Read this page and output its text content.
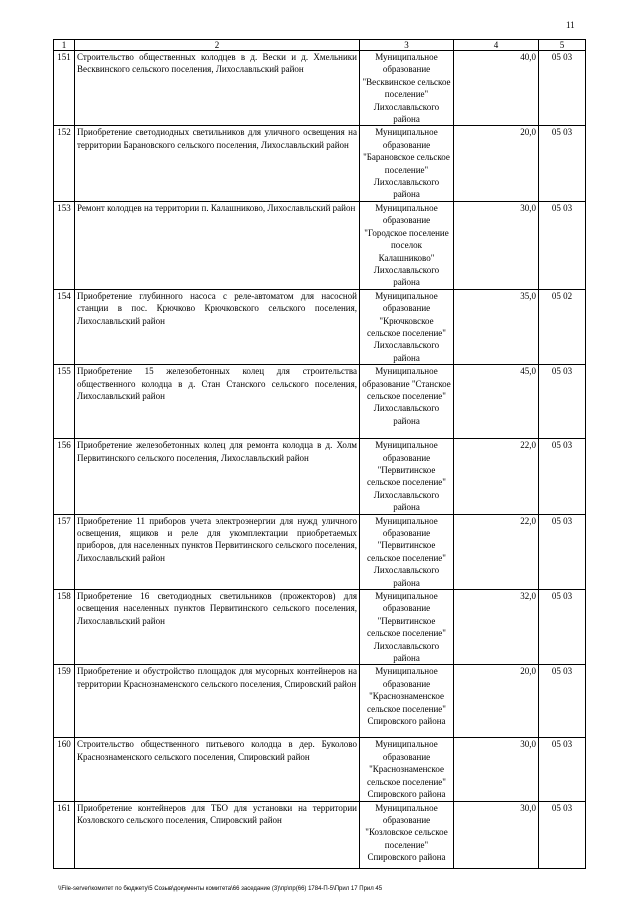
11
1	2	3	4	5
151	Строительство общественных колодцев в д. Вески и д. Хмельники Весквинского сельского поселения, Лихославльский район	Муниципальное образование "Весквинское сельское поселение" Лихославльского района	40,0	05 03
152	Приобретение светодиодных светильников для уличного освещения на территории Барановского сельского поселения, Лихославльский район	Муниципальное образование "Барановское сельское поселение" Лихославльского района	20,0	05 03
153	Ремонт колодцев на территории п. Калашниково, Лихославльский район	Муниципальное образование "Городское поселение поселок Калашниково" Лихославльского района	30,0	05 03
154	Приобретение глубинного насоса с реле-автоматом для насосной станции в пос. Крючково Крючковского сельского поселения, Лихославльский район	Муниципальное образование "Крючковское сельское поселение" Лихославльского района	35,0	05 02
155	Приобретение 15 железобетонных колец для строительства общественного колодца в д. Стан Станского сельского поселения, Лихославльский район	Муниципальное образование "Станское сельское поселение" Лихославльского района	45,0	05 03
156	Приобретение железобетонных колец для ремонта колодца в д. Холм Первитинского сельского поселения, Лихославльский район	Муниципальное образование "Первитинское сельское поселение" Лихославльского района	22,0	05 03
157	Приобретение 11 приборов учета электроэнергии для нужд уличного освещения, ящиков и реле для укомплектации приобретаемых приборов, для населенных пунктов Первитинского сельского поселения, Лихославльский район	Муниципальное образование "Первитинское сельское поселение" Лихославльского района	22,0	05 03
158	Приобретение 16 светодиодных светильников (прожекторов) для освещения населенных пунктов Первитинского сельского поселения, Лихославльский район	Муниципальное образование "Первитинское сельское поселение" Лихославльского района	32,0	05 03
159	Приобретение и обустройство площадок для мусорных контейнеров на территории Краснознаменского сельского поселения, Спировский район	Муниципальное образование "Краснознаменское сельское поселение" Спировского района	20,0	05 03
160	Строительство общественного питьевого колодца в дер. Буколово Краснознаменского сельского поселения, Спировский район	Муниципальное образование "Краснознаменское сельское поселение" Спировского района	30,0	05 03
161	Приобретение контейнеров для ТБО для установки на территории Козловского сельского поселения, Спировский район	Муниципальное образование "Козловское сельское поселение" Спировского района	30,0	05 03
\\File-server\комитет по бюджету\5 Созыв\документы комитета\66 заседание (3)\пр\пр(66) 1784-П-5\Прил 17 Прил 45
